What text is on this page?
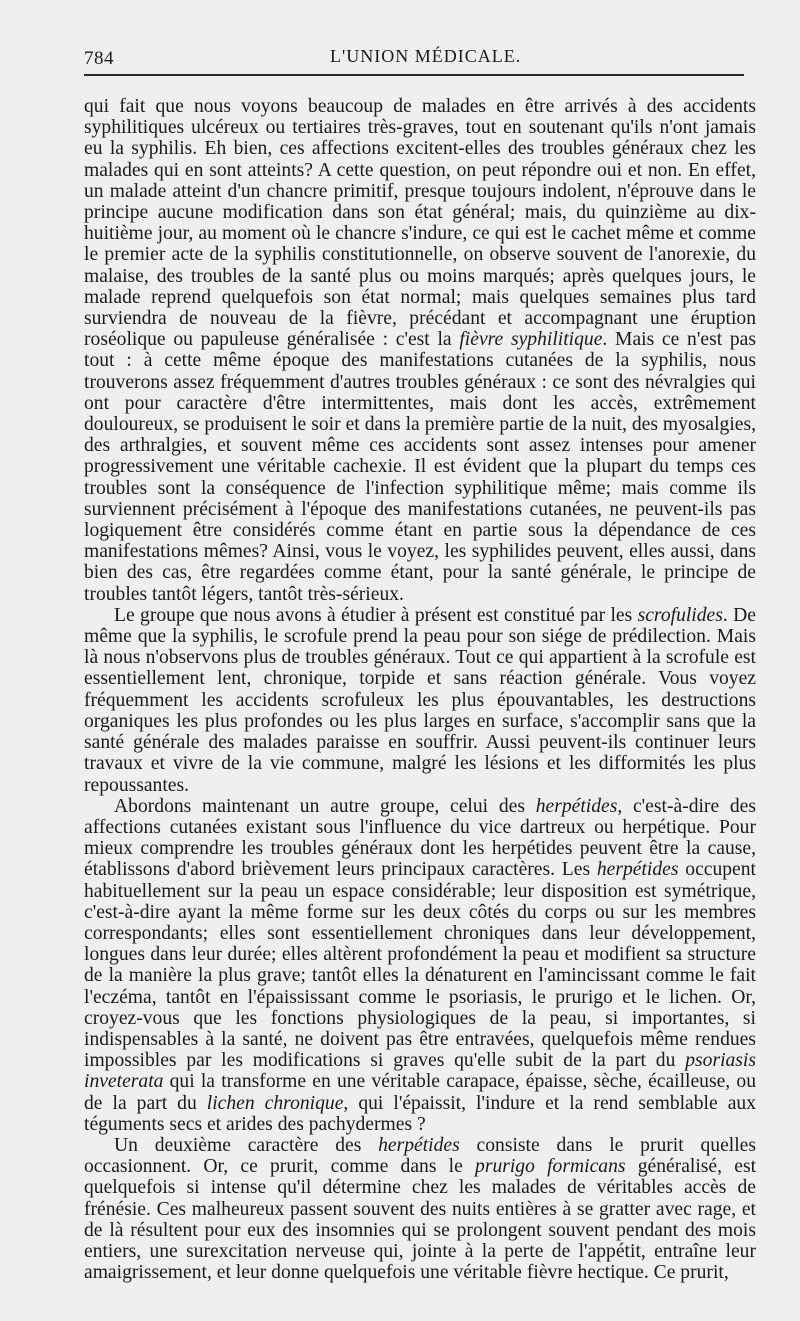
784	L'UNION MÉDICALE.

qui fait que nous voyons beaucoup de malades en être arrivés à des accidents syphilitiques ulcéreux ou tertiaires très-graves, tout en soutenant qu'ils n'ont jamais eu la syphilis. Eh bien, ces affections excitent-elles des troubles généraux chez les malades qui en sont atteints? A cette question, on peut répondre oui et non. En effet, un malade atteint d'un chancre primitif, presque toujours indolent, n'éprouve dans le principe aucune modification dans son état général; mais, du quinzième au dix-huitième jour, au moment où le chancre s'indure, ce qui est le cachet même et comme le premier acte de la syphilis constitutionnelle, on observe souvent de l'anorexie, du malaise, des troubles de la santé plus ou moins marqués; après quelques jours, le malade reprend quelquefois son état normal; mais quelques semaines plus tard surviendra de nouveau de la fièvre, précédant et accompagnant une éruption roséolique ou papuleuse généralisée : c'est la fièvre syphilitique. Mais ce n'est pas tout : à cette même époque des manifestations cutanées de la syphilis, nous trouverons assez fréquemment d'autres troubles généraux : ce sont des névralgies qui ont pour caractère d'être intermittentes, mais dont les accès, extrêmement douloureux, se produisent le soir et dans la première partie de la nuit, des myosalgies, des arthralgies, et souvent même ces accidents sont assez intenses pour amener progressivement une véritable cachexie. Il est évident que la plupart du temps ces troubles sont la conséquence de l'infection syphilitique même; mais comme ils surviennent précisément à l'époque des manifestations cutanées, ne peuvent-ils pas logiquement être considérés comme étant en partie sous la dépendance de ces manifestations mêmes? Ainsi, vous le voyez, les syphilides peuvent, elles aussi, dans bien des cas, être regardées comme étant, pour la santé générale, le principe de troubles tantôt légers, tantôt très-sérieux.

Le groupe que nous avons à étudier à présent est constitué par les scrofulides. De même que la syphilis, le scrofule prend la peau pour son siége de prédilection. Mais là nous n'observons plus de troubles généraux. Tout ce qui appartient à la scrofule est essentiellement lent, chronique, torpide et sans réaction générale. Vous voyez fréquemment les accidents scrofuleux les plus épouvantables, les destructions organiques les plus profondes ou les plus larges en surface, s'accomplir sans que la santé générale des malades paraisse en souffrir. Aussi peuvent-ils continuer leurs travaux et vivre de la vie commune, malgré les lésions et les difformités les plus repoussantes.

Abordons maintenant un autre groupe, celui des herpétides, c'est-à-dire des affections cutanées existant sous l'influence du vice dartreux ou herpétique. Pour mieux comprendre les troubles généraux dont les herpétides peuvent être la cause, établissons d'abord brièvement leurs principaux caractères. Les herpétides occupent habituellement sur la peau un espace considérable; leur disposition est symétrique, c'est-à-dire ayant la même forme sur les deux côtés du corps ou sur les membres correspondants; elles sont essentiellement chroniques dans leur développement, longues dans leur durée; elles altèrent profondément la peau et modifient sa structure de la manière la plus grave; tantôt elles la dénaturent en l'amincissant comme le fait l'eczéma, tantôt en l'épaississant comme le psoriasis, le prurigo et le lichen. Or, croyez-vous que les fonctions physiologiques de la peau, si importantes, si indispensables à la santé, ne doivent pas être entravées, quelquefois même rendues impossibles par les modifications si graves qu'elle subit de la part du psoriasis inveterata qui la transforme en une véritable carapace, épaisse, sèche, écailleuse, ou de la part du lichen chronique, qui l'épaissit, l'indure et la rend semblable aux téguments secs et arides des pachydermes ?

Un deuxième caractère des herpétides consiste dans le prurit quelles occasionnent. Or, ce prurit, comme dans le prurigo formicans généralisé, est quelquefois si intense qu'il détermine chez les malades de véritables accès de frénésie. Ces malheureux passent souvent des nuits entières à se gratter avec rage, et de là résultent pour eux des insomnies qui se prolongent souvent pendant des mois entiers, une surexcitation nerveuse qui, jointe à la perte de l'appétit, entraîne leur amaigrissement, et leur donne quelquefois une véritable fièvre hectique. Ce prurit,
